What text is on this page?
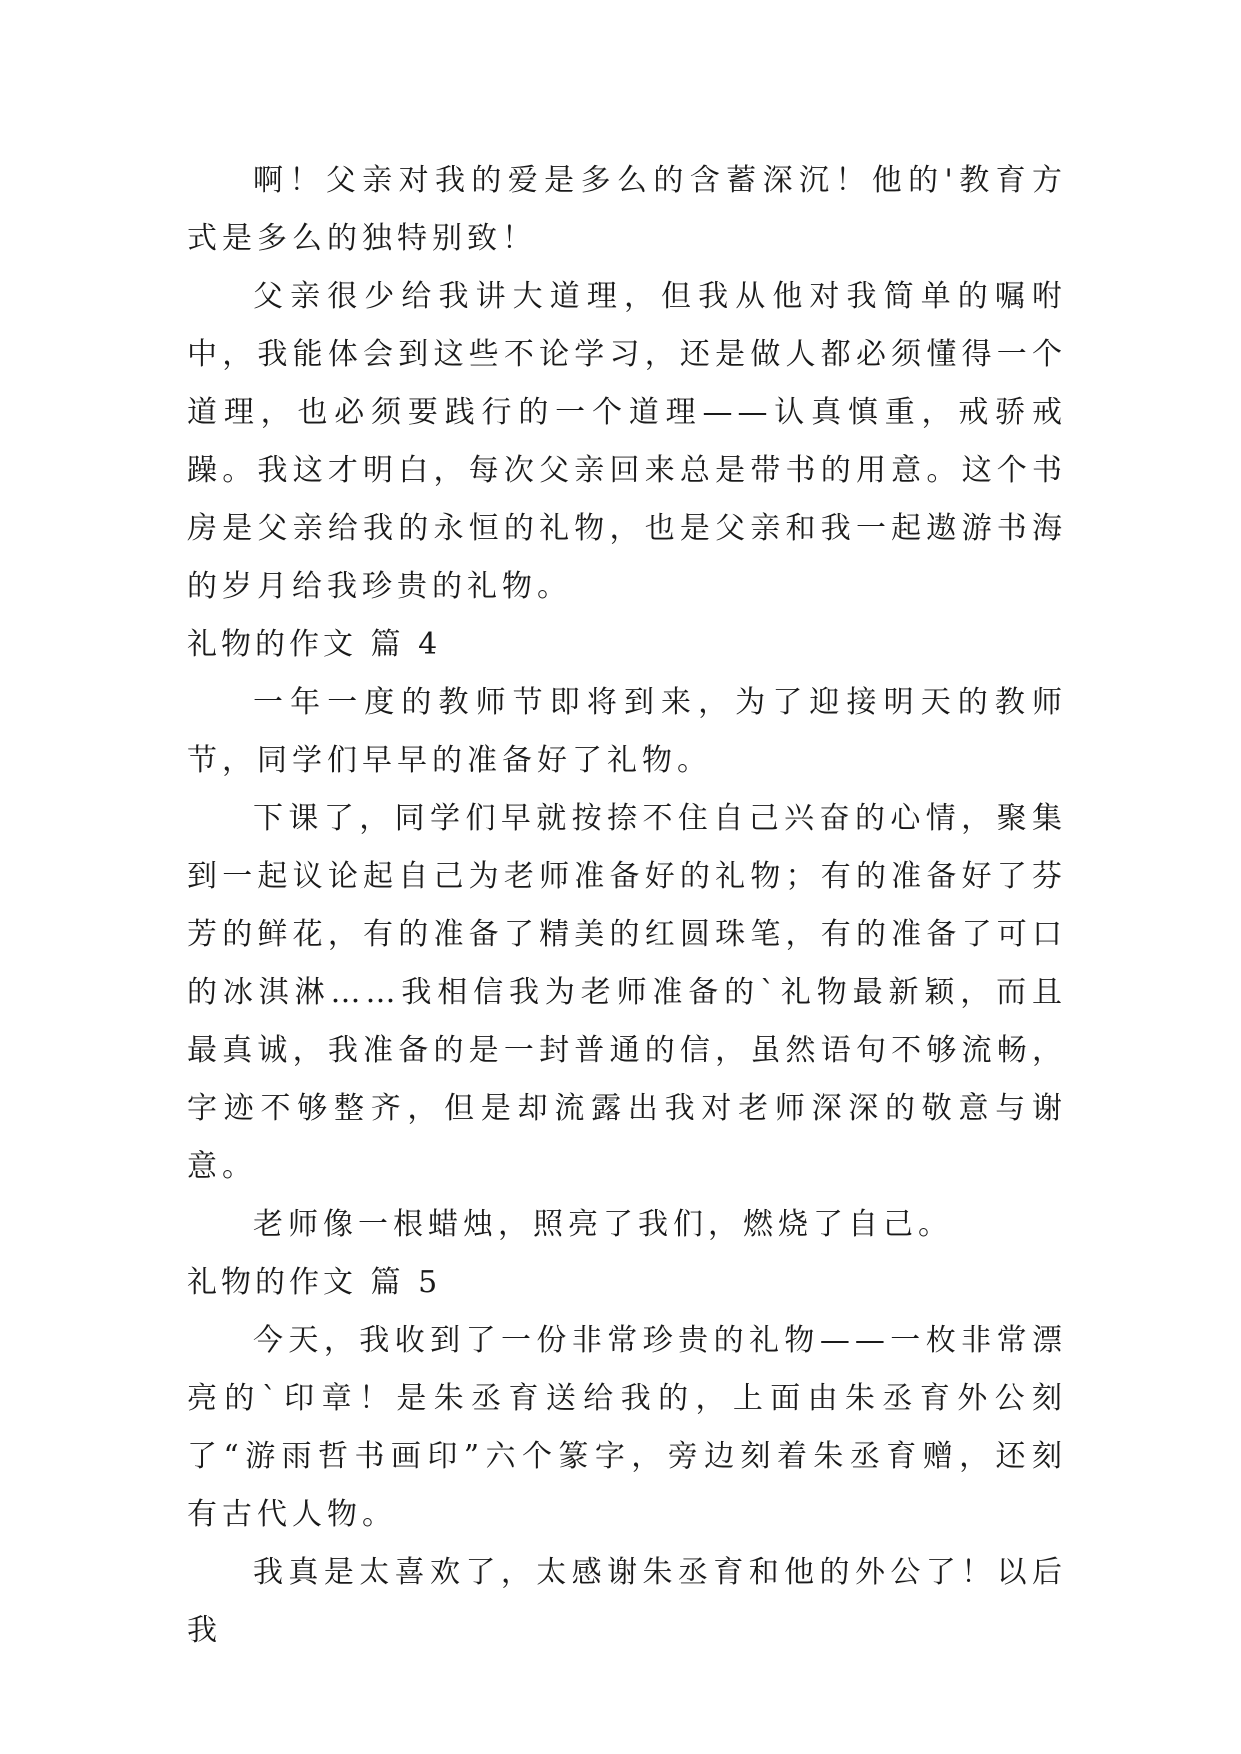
啊！父亲对我的爱是多么的含蓄深沉！他的'教育方式是多么的独特别致！

父亲很少给我讲大道理，但我从他对我简单的嘱咐中，我能体会到这些不论学习，还是做人都必须懂得一个道理，也必须要践行的一个道理——认真慎重，戒骄戒躁。我这才明白，每次父亲回来总是带书的用意。这个书房是父亲给我的永恒的礼物，也是父亲和我一起遨游书海的岁月给我珍贵的礼物。

礼物的作文 篇 4

一年一度的教师节即将到来，为了迎接明天的教师节，同学们早早的准备好了礼物。

下课了，同学们早就按捺不住自己兴奋的心情，聚集到一起议论起自己为老师准备好的礼物；有的准备好了芬芳的鲜花，有的准备了精美的红圆珠笔，有的准备了可口的冰淇淋……我相信我为老师准备的`礼物最新颖，而且最真诚，我准备的是一封普通的信，虽然语句不够流畅，字迹不够整齐，但是却流露出我对老师深深的敬意与谢意。

老师像一根蜡烛，照亮了我们，燃烧了自己。

礼物的作文 篇 5

今天，我收到了一份非常珍贵的礼物——一枚非常漂亮的`印章！是朱丞育送给我的，上面由朱丞育外公刻了“游雨哲书画印”六个篆字，旁边刻着朱丞育赠，还刻有古代人物。

我真是太喜欢了，太感谢朱丞育和他的外公了！以后我
